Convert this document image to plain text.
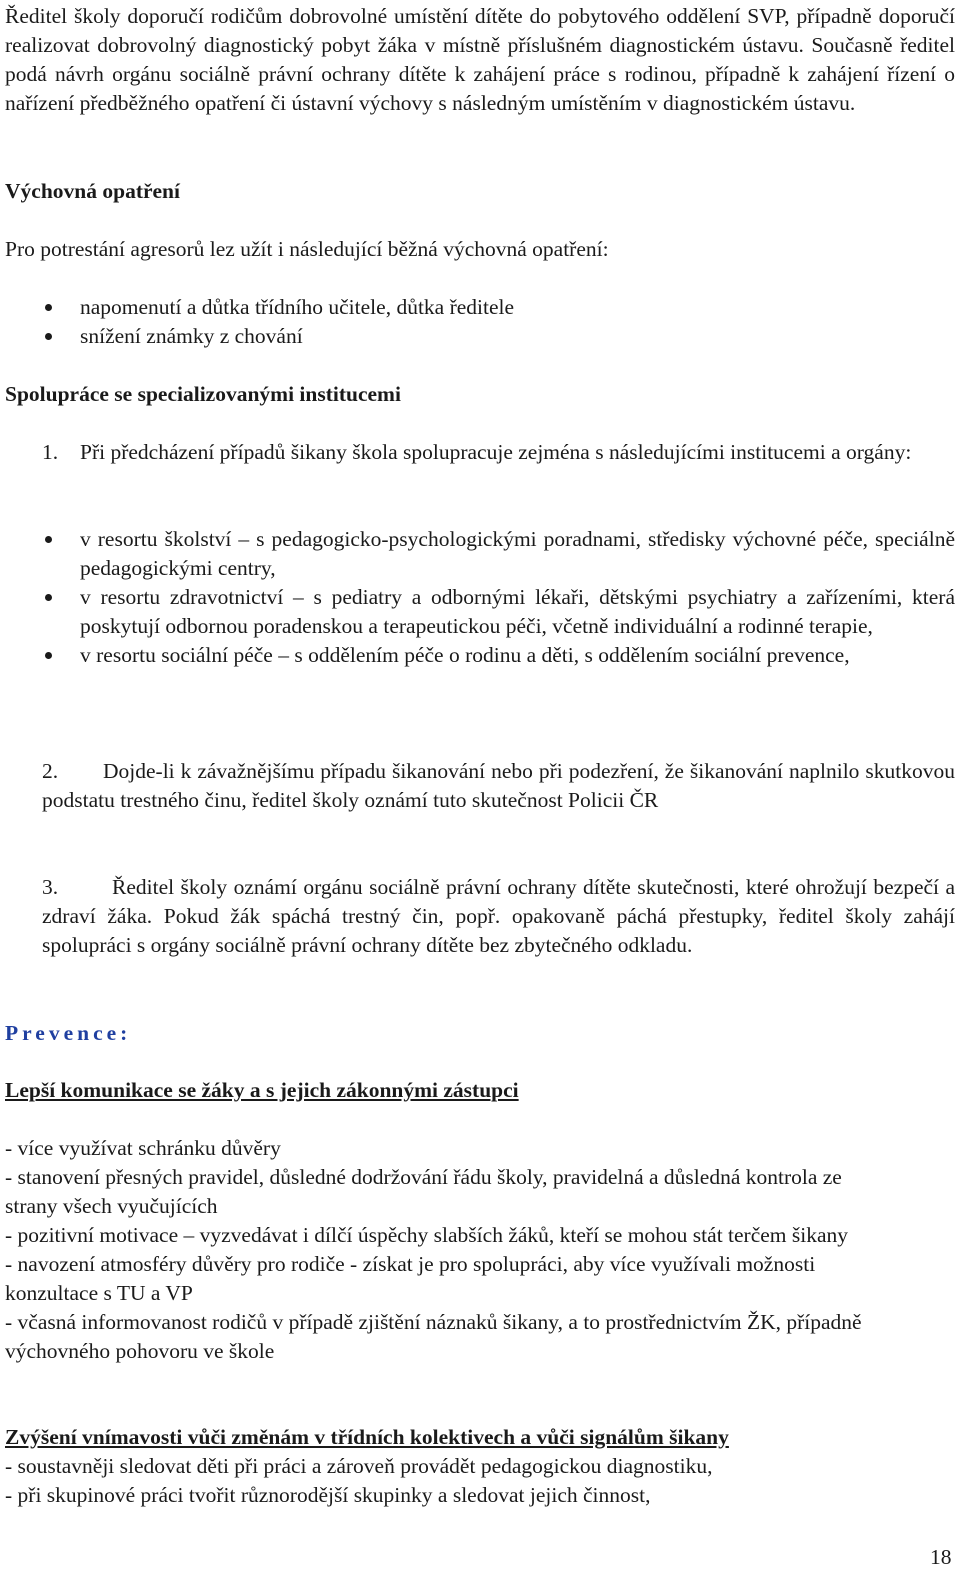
Ředitel školy doporučí rodičům dobrovolné umístění dítěte do pobytového oddělení SVP, případně doporučí realizovat dobrovolný diagnostický pobyt žáka v místně příslušném diagnostickém ústavu. Současně ředitel podá návrh orgánu sociálně právní ochrany dítěte k zahájení práce s rodinou, případně k zahájení řízení o nařízení předběžného opatření či ústavní výchovy s následným umístěním v diagnostickém ústavu.

Výchovná opatření

Pro potrestání agresorů lez užít i následující běžná výchovná opatření:

napomenutí a důtka třídního učitele, důtka ředitele
snížení známky z chování

Spolupráce se specializovanými institucemi

1.	Při předcházení případů šikany škola spolupracuje zejména s následujícími institucemi a orgány:

v resortu školství – s pedagogicko-psychologickými poradnami, středisky výchovné péče, speciálně pedagogickými centry,
v resortu zdravotnictví – s pediatry a odbornými lékaři, dětskými psychiatry a zařízeními, která poskytují odbornou poradenskou a terapeutickou péči, včetně individuální a rodinné terapie,
v resortu sociální péče – s oddělením péče o rodinu a děti, s oddělením sociální prevence,
2.	Dojde-li k závažnějšímu případu šikanování nebo při podezření, že šikanování naplnilo skutkovou podstatu trestného činu, ředitel školy oznámí tuto skutečnost Policii ČR

3.	Ředitel školy oznámí orgánu sociálně právní ochrany dítěte skutečnosti, které ohrožují bezpečí a zdraví žáka. Pokud žák spáchá trestný čin, popř. opakovaně páchá přestupky, ředitel školy zahájí spolupráci s orgány sociálně právní ochrany dítěte bez zbytečného odkladu.

Prevence:

Lepší komunikace se žáky a s jejich zákonnými zástupci

- více využívat schránku důvěry

- stanovení přesných pravidel, důsledné dodržování řádu školy, pravidelná a důsledná kontrola ze strany všech vyučujících

- pozitivní motivace – vyzvedávat i dílčí úspěchy slabších žáků, kteří se mohou stát terčem šikany

- navození atmosféry důvěry pro rodiče - získat je pro spolupráci, aby více využívali možnosti konzultace s TU a VP

- včasná informovanost rodičů v případě zjištění náznaků šikany, a to prostřednictvím ŽK, případně výchovného pohovoru ve škole

Zvýšení vnímavosti vůči změnám v třídních kolektivech a vůči signálům šikany

- soustavněji sledovat děti při práci a zároveň provádět pedagogickou diagnostiku,

- při skupinové práci tvořit různorodější skupinky a sledovat jejich činnost,

18
